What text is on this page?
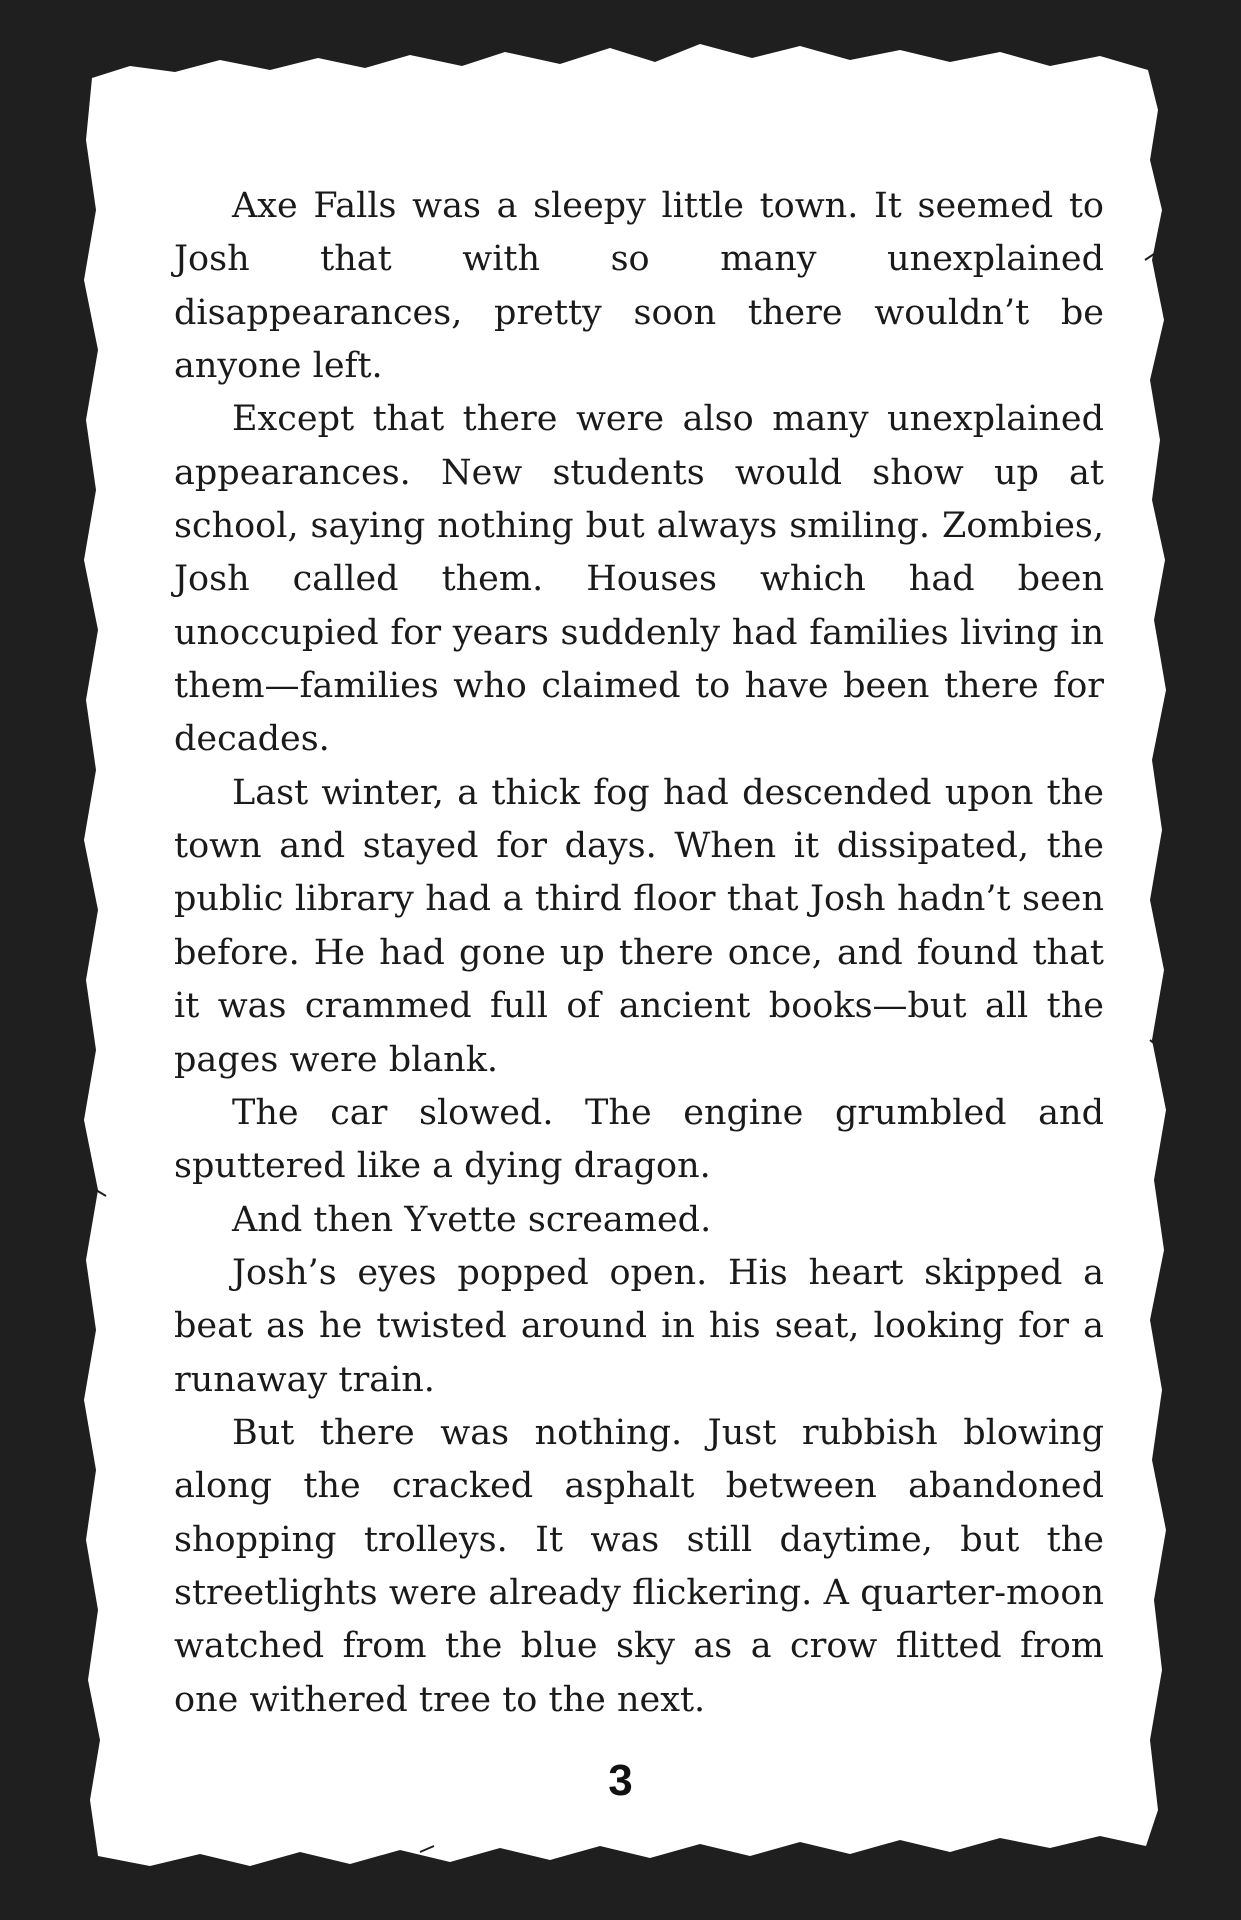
Axe Falls was a sleepy little town. It seemed to Josh that with so many unexplained disappearances, pretty soon there wouldn’t be anyone left.

Except that there were also many unexplained appearances. New students would show up at school, saying nothing but always smiling. Zombies, Josh called them. Houses which had been unoccupied for years suddenly had families living in them—families who claimed to have been there for decades.

Last winter, a thick fog had descended upon the town and stayed for days. When it dissipated, the public library had a third floor that Josh hadn’t seen before. He had gone up there once, and found that it was crammed full of ancient books—but all the pages were blank.

The car slowed. The engine grumbled and sputtered like a dying dragon.

And then Yvette screamed.

Josh’s eyes popped open. His heart skipped a beat as he twisted around in his seat, looking for a runaway train.

But there was nothing. Just rubbish blowing along the cracked asphalt between abandoned shopping trolleys. It was still daytime, but the streetlights were already flickering. A quarter-moon watched from the blue sky as a crow flitted from one withered tree to the next.

3
